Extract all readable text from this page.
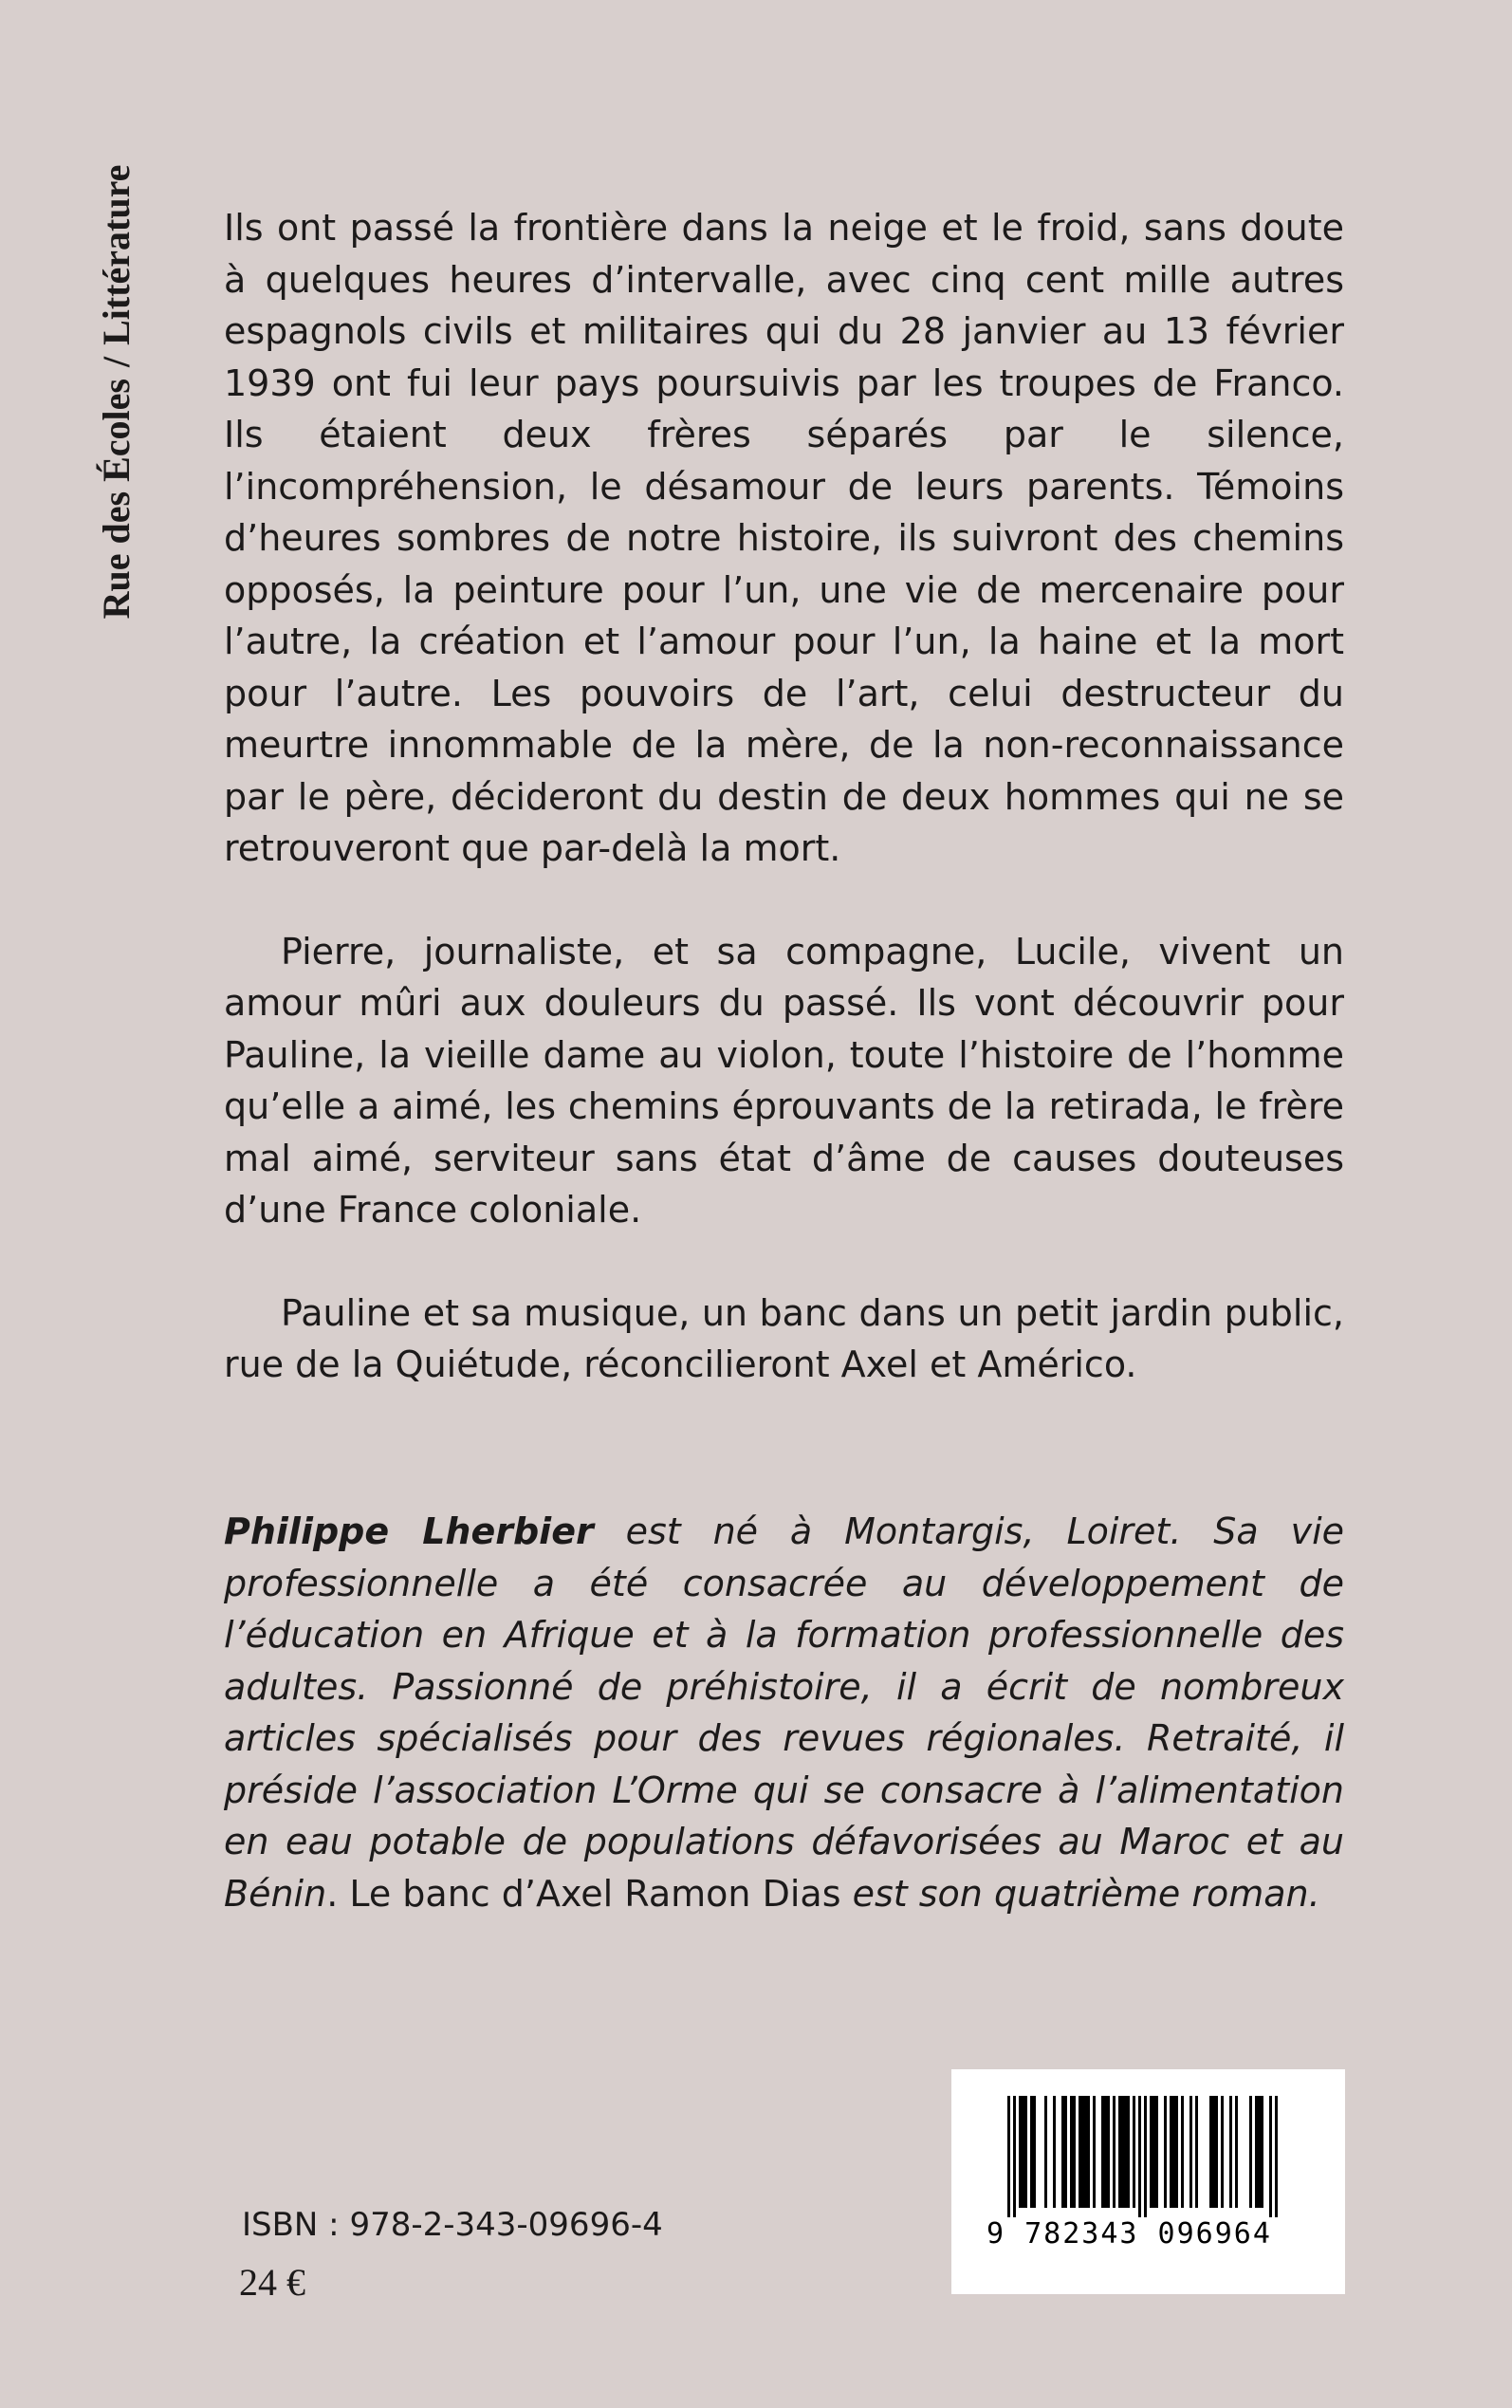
Rue des Écoles
/
Littérature Ils ont passé la frontière dans la neige et le froid, sans doute à quelques heures d’intervalle, avec cinq cent mille autres espagnols civils et militaires qui du 28 janvier au 13 février 1939 ont fui leur pays poursuivis par les troupes de Franco. Ils étaient deux frères séparés par le silence, l’incompréhension, le désamour de leurs parents. Témoins d’heures sombres de notre histoire, ils suivront des chemins opposés, la peinture pour l’un, une vie de mercenaire pour l’autre, la création et l’amour pour l’un, la haine et la mort pour l’autre. Les pouvoirs de l’art, celui destructeur du meurtre innommable de la mère, de la non-reconnaissance par le père, décideront du destin de deux hommes qui ne se retrouveront que par-delà la mort.

Pierre, journaliste, et sa compagne, Lucile, vivent un amour mûri aux douleurs du passé. Ils vont découvrir pour Pauline, la vieille dame au violon, toute l’histoire de l’homme qu’elle a aimé, les chemins éprouvants de la retirada, le frère mal aimé, serviteur sans état d’âme de causes douteuses d’une France coloniale.

Pauline et sa musique, un banc dans un petit jardin public, rue de la Quiétude, réconcilieront Axel et Américo.

Philippe Lherbier est né à Montargis, Loiret. Sa vie professionnelle a été consacrée au développement de l’éducation en Afrique et à la formation professionnelle des adultes. Passionné de préhistoire, il a écrit de nombreux articles spécialisés pour des revues régionales. Retraité, il préside l’association L’Orme qui se consacre à l’alimentation en eau potable de populations défavorisées au Maroc et au Bénin. Le banc d’Axel Ramon Dias est son quatrième roman.

ISBN : 978-2-343-09696-4
24 €
9 782343 096964
